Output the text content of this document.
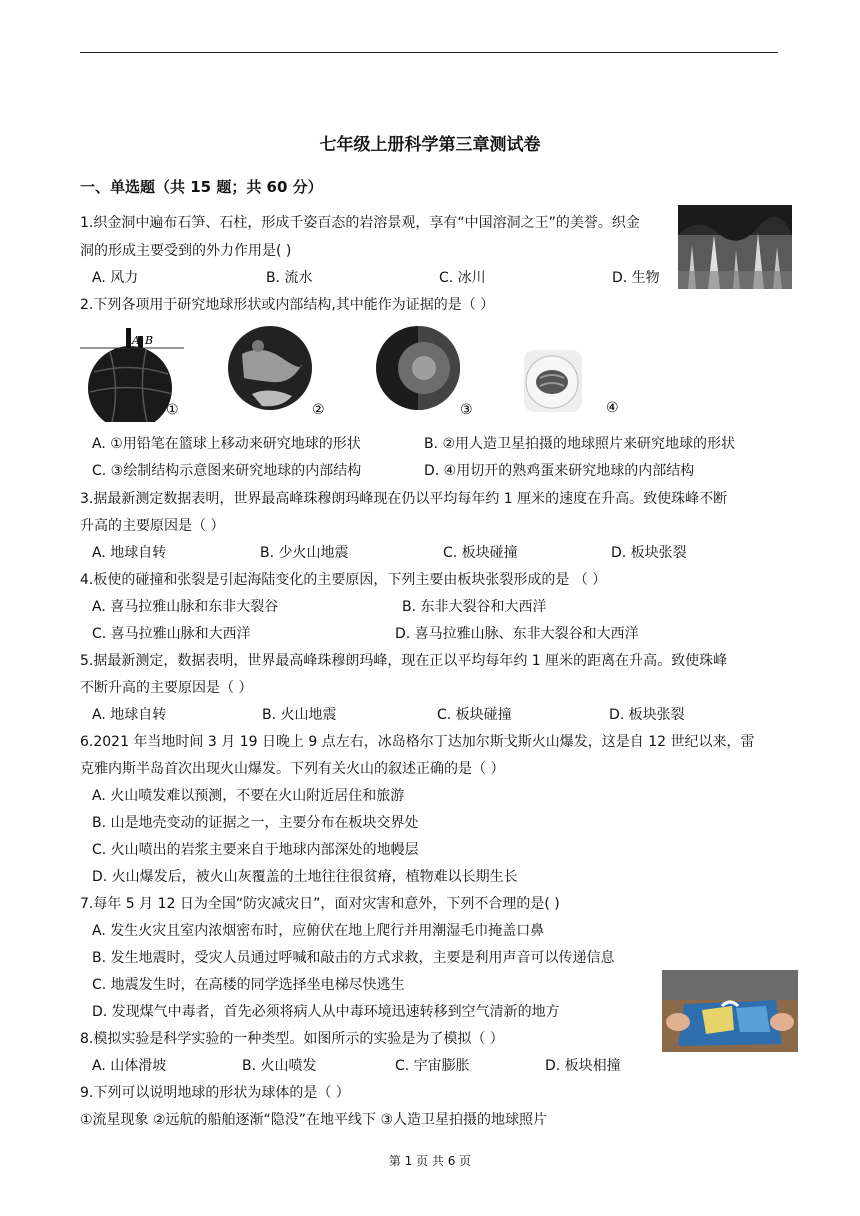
七年级上册科学第三章测试卷
一、单选题（共 15 题；共 60 分）
1.织金洞中遍布石笋、石柱，形成千姿百态的岩溶景观，享有“中国溶洞之王”的美誉。织金
洞的形成主要受到的外力作用是( )
A. 风力	B. 流水	C. 冰川	D. 生物
2.下列各项用于研究地球形状或内部结构,其中能作为证据的是（ ）
A B
①	②	③	④
A. ①用铅笔在篮球上移动来研究地球的形状	B. ②用人造卫星拍摄的地球照片来研究地球的形状
C. ③绘制结构示意图来研究地球的内部结构	D. ④用切开的熟鸡蛋来研究地球的内部结构
3.据最新测定数据表明，世界最高峰珠穆朗玛峰现在仍以平均每年约 1 厘米的速度在升高。致使珠峰不断
升高的主要原因是（ ）
A. 地球自转	B. 少火山地震	C. 板块碰撞	D. 板块张裂
4.板使的碰撞和张裂是引起海陆变化的主要原因，下列主要由板块张裂形成的是 （ ）
A. 喜马拉雅山脉和东非大裂谷	B. 东非大裂谷和大西洋
C. 喜马拉雅山脉和大西洋	D. 喜马拉雅山脉、东非大裂谷和大西洋
5.据最新测定，数据表明，世界最高峰珠穆朗玛峰，现在正以平均每年约 1 厘米的距离在升高。致使珠峰
不断升高的主要原因是（ ）
A. 地球自转	B. 火山地震	C. 板块碰撞	D. 板块张裂
6.2021 年当地时间 3 月 19 日晚上 9 点左右，冰岛格尔丁达加尔斯戈斯火山爆发，这是自 12 世纪以来，雷
克雅内斯半岛首次出现火山爆发。下列有关火山的叙述正确的是（ ）
A. 火山喷发难以预测，不要在火山附近居住和旅游
B. 山是地壳变动的证据之一，主要分布在板块交界处
C. 火山喷出的岩浆主要来自于地球内部深处的地幔层
D. 火山爆发后，被火山灰覆盖的土地往往很贫瘠，植物难以长期生长
7.每年 5 月 12 日为全国“防灾减灾日”，面对灾害和意外，下列不合理的是( )
A. 发生火灾且室内浓烟密布时，应俯伏在地上爬行并用潮湿毛巾掩盖口鼻
B. 发生地震时，受灾人员通过呼喊和敲击的方式求救，主要是利用声音可以传递信息
C. 地震发生时，在高楼的同学选择坐电梯尽快逃生
D. 发现煤气中毒者，首先必须将病人从中毒环境迅速转移到空气清新的地方
8.模拟实验是科学实验的一种类型。如图所示的实验是为了模拟（ ）
A. 山体滑坡	B. 火山喷发	C. 宇宙膨胀	D. 板块相撞
9.下列可以说明地球的形状为球体的是（ ）
①流星现象 ②远航的船舶逐渐“隐没”在地平线下 ③人造卫星拍摄的地球照片
第 1 页 共 6 页
